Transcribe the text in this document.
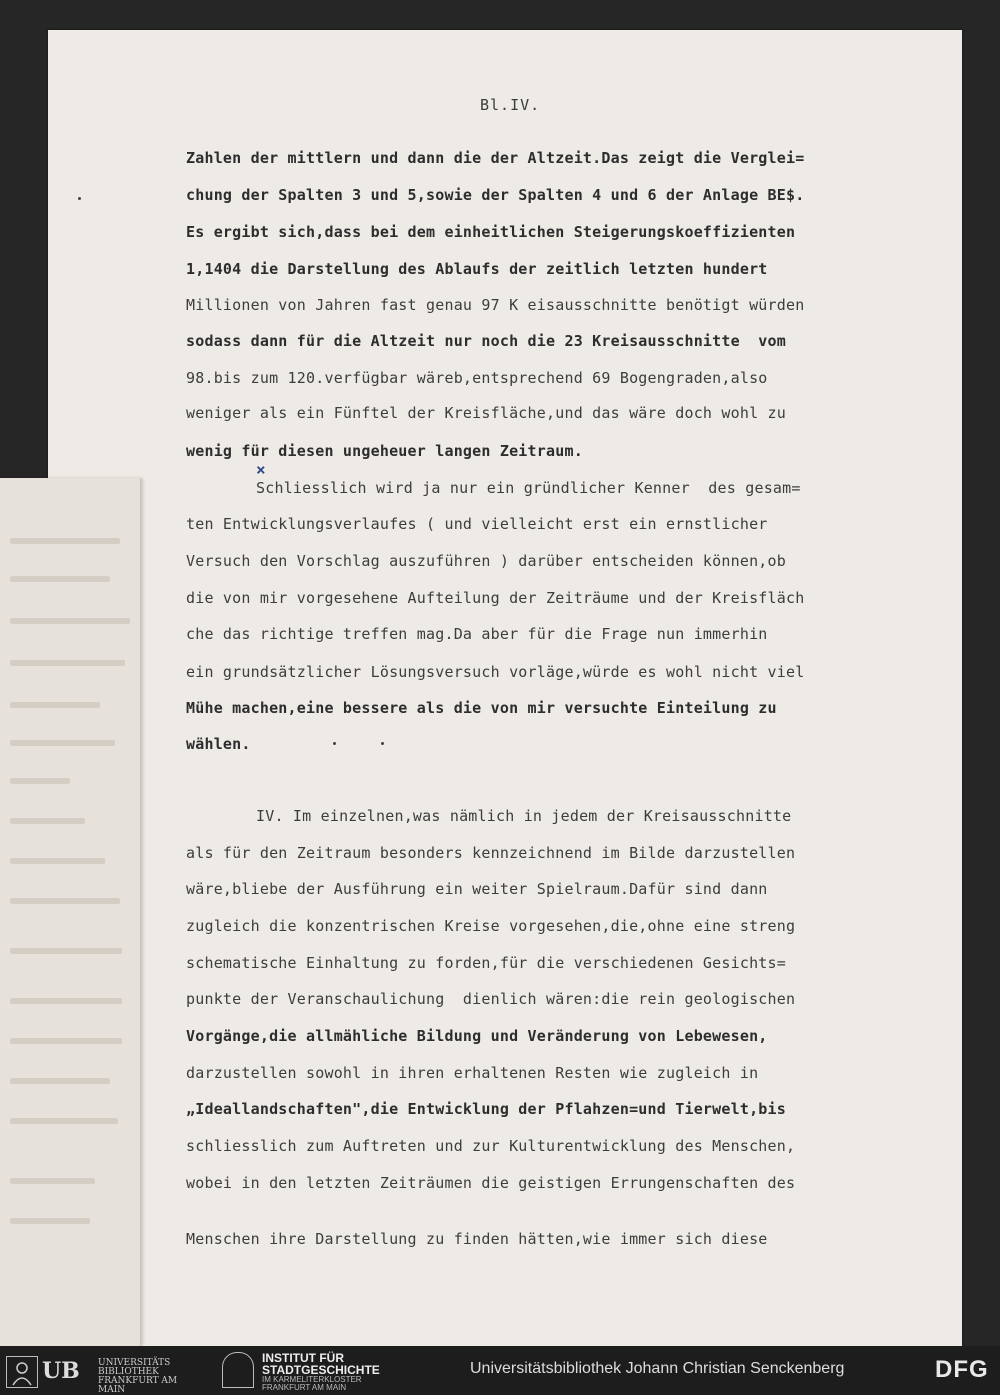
Bl.IV.
Zahlen der mittlern und dann die der Altzeit.Das zeigt die Verglei=
chung der Spalten 3 und 5,sowie der Spalten 4 und 6 der Anlage BE$.
Es ergibt sich,dass bei dem einheitlichen Steigerungskoeffizienten
1,1404 die Darstellung des Ablaufs der zeitlich letzten hundert
Millionen von Jahren fast genau 97 K eisausschnitte benötigt würden
sodass dann für die Altzeit nur noch die 23 Kreisausschnitte  vom
98.bis zum 120.verfügbar wäreb,entsprechend 69 Bogengraden,also
weniger als ein Fünftel der Kreisfläche,und das wäre doch wohl zu
wenig für diesen ungeheuer langen Zeitraum.
×
Schliesslich wird ja nur ein gründlicher Kenner  des gesam=
ten Entwicklungsverlaufes ( und vielleicht erst ein ernstlicher
Versuch den Vorschlag auszuführen ) darüber entscheiden können,ob
die von mir vorgesehene Aufteilung der Zeiträume und der Kreisfläch
che das richtige treffen mag.Da aber für die Frage nun immerhin
ein grundsätzlicher Lösungsversuch vorläge,würde es wohl nicht viel
Mühe machen,eine bessere als die von mir versuchte Einteilung zu
wählen.
IV. Im einzelnen,was nämlich in jedem der Kreisausschnitte
als für den Zeitraum besonders kennzeichnend im Bilde darzustellen
wäre,bliebe der Ausführung ein weiter Spielraum.Dafür sind dann
zugleich die konzentrischen Kreise vorgesehen,die,ohne eine streng
schematische Einhaltung zu forden,für die verschiedenen Gesichts=
punkte der Veranschaulichung  dienlich wären:die rein geologischen
Vorgänge,die allmähliche Bildung und Veränderung von Lebewesen,
darzustellen sowohl in ihren erhaltenen Resten wie zugleich in
„Ideallandschaften",die Entwicklung der Pflahzen=und Tierwelt,bis
schliesslich zum Auftreten und zur Kulturentwicklung des Menschen,
wobei in den letzten Zeiträumen die geistigen Errungenschaften des
Menschen ihre Darstellung zu finden hätten,wie immer sich diese
UB UNIVERSITÄTS
BIBLIOTHEK
FRANKFURT AM MAIN
INSTITUT FÜR
STADTGESCHICHTE
IM KARMELITERKLOSTER
FRANKFURT AM MAIN
Universitätsbibliothek Johann Christian Senckenberg	DFG
